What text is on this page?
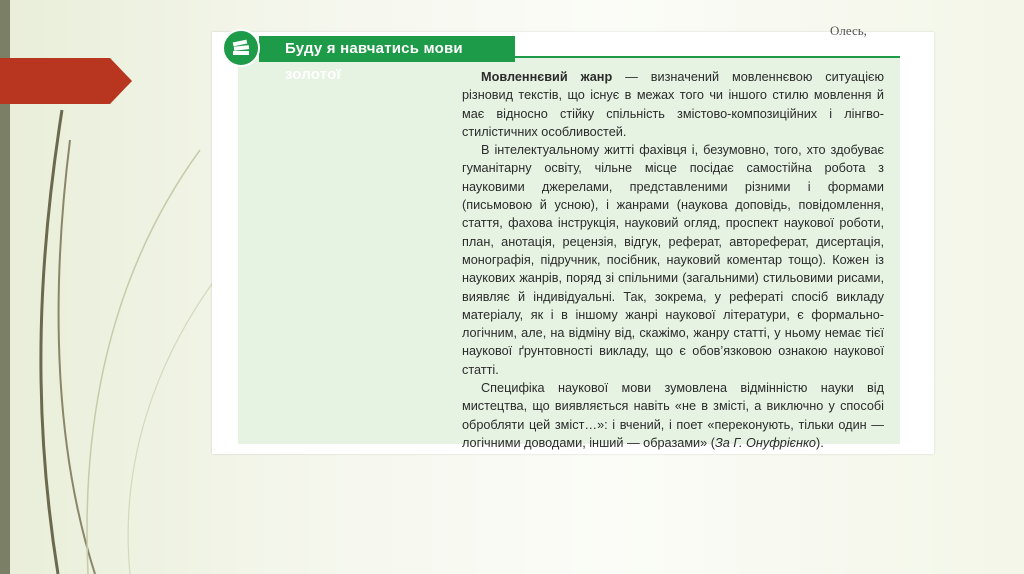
Олесь,
Буду я навчатись мови золотої	Мовленнєвий жанр — визначений мовленнєвою ситуацією різновид текстів, що існує в межах того чи іншого стилю мовлення й має відносно стійку спільність змістово-композиційних і лінгво-стилістичних особливостей.

В інтелектуальному житті фахівця і, безумовно, того, хто здобуває гуманітарну освіту, чільне місце посідає самостійна робота з науковими джерелами, представленими різними і формами (письмовою й усною), і жанрами (наукова доповідь, повідомлення, стаття, фахова інструкція, науковий огляд, проспект наукової роботи, план, анотація, рецензія, відгук, реферат, автореферат, дисертація, монографія, підручник, посібник, науковий коментар тощо). Кожен із наукових жанрів, поряд зі спільними (загальними) стильовими рисами, виявляє й індивідуальні. Так, зокрема, у рефераті спосіб викладу матеріалу, як і в іншому жанрі наукової літератури, є формально-логічним, але, на відміну від, скажімо, жанру статті, у ньому немає тієї наукової ґрунтовності викладу, що є обов’язковою ознакою наукової статті.

Специфіка наукової мови зумовлена відмінністю науки від мистецтва, що виявляється навіть «не в змісті, а виключно у способі обробляти цей зміст…»: і вчений, і поет «переконують, тільки один — логічними доводами, інший — образами» (За Г. Онуфрієнко).
